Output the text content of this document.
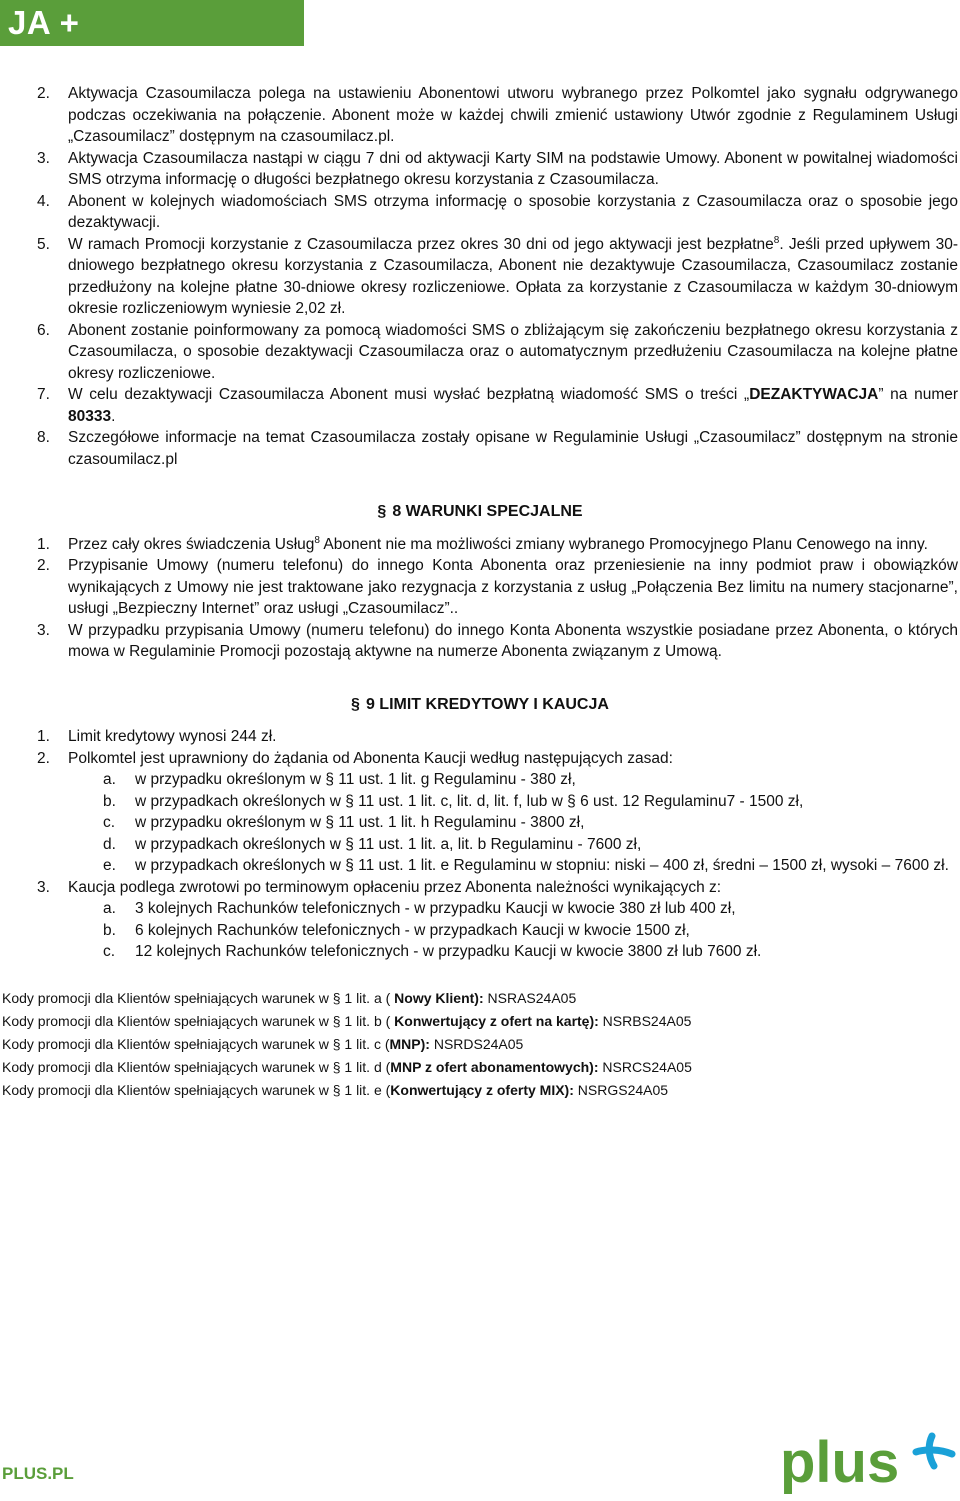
JA + ABONAMENT

2. Aktywacja Czasoumilacza polega na ustawieniu Abonentowi utworu wybranego przez Polkomtel jako sygnału odgrywanego podczas oczekiwania na połączenie. Abonent może w każdej chwili zmienić ustawiony Utwór zgodnie z Regulaminem Usługi „Czasoumilacz” dostępnym na czasoumilacz.pl.

3. Aktywacja Czasoumilacza nastąpi w ciągu 7 dni od aktywacji Karty SIM na podstawie Umowy. Abonent w powitalnej wiadomości SMS otrzyma informację o długości bezpłatnego okresu korzystania z Czasoumilacza.

4. Abonent w kolejnych wiadomościach SMS otrzyma informację o sposobie korzystania z Czasoumilacza oraz o sposobie jego dezaktywacji.

5. W ramach Promocji korzystanie z Czasoumilacza przez okres 30 dni od jego aktywacji jest bezpłatne$^8$. Jeśli przed upływem 30-dniowego bezpłatnego okresu korzystania z Czasoumilacza, Abonent nie dezaktywuje Czasoumilacza, Czasoumilacz zostanie przedłużony na kolejne płatne 30-dniowe okresy rozliczeniowe. Opłata za korzystanie z Czasoumilacza w każdym 30-dniowym okresie rozliczeniowym wyniesie 2,02 zł.

6. Abonent zostanie poinformowany za pomocą wiadomości SMS o zbliżającym się zakończeniu bezpłatnego okresu korzystania z Czasoumilacza, o sposobie dezaktywacji Czasoumilacza oraz o automatycznym przedłużeniu Czasoumilacza na kolejne płatne okresy rozliczeniowe.

7. W celu dezaktywacji Czasoumilacza Abonent musi wysłać bezpłatną wiadomość SMS o treści „DEZAKTYWACJA” na numer 80333.

8. Szczegółowe informacje na temat Czasoumilacza zostały opisane w Regulaminie Usługi „Czasoumilacz” dostępnym na stronie czasoumilacz.pl

§ 8 WARUNKI SPECJALNE

1. Przez cały okres świadczenia Usług$^8$ Abonent nie ma możliwości zmiany wybranego Promocyjnego Planu Cenowego na inny.

2. Przypisanie Umowy (numeru telefonu) do innego Konta Abonenta oraz przeniesienie na inny podmiot praw i obowiązków wynikających z Umowy nie jest traktowane jako rezygnacja z korzystania z usług „Połączenia Bez limitu na numery stacjonarne”, usługi „Bezpieczny Internet” oraz usługi „Czasoumilacz”..

3. W przypadku przypisania Umowy (numeru telefonu) do innego Konta Abonenta wszystkie posiadane przez Abonenta, o których mowa w Regulaminie Promocji pozostają aktywne na numerze Abonenta związanym z Umową.

§ 9 LIMIT KREDYTOWY I KAUCJA

1. Limit kredytowy wynosi 244 zł.

2. Polkomtel jest uprawniony do żądania od Abonenta Kaucji według następujących zasad:

a. w przypadku określonym w § 11 ust. 1 lit. g Regulaminu - 380 zł,

b. w przypadkach określonych w § 11 ust. 1 lit. c, lit. d, lit. f, lub w § 6 ust. 12 Regulaminu7 - 1500 zł,

c. w przypadku określonym w § 11 ust. 1 lit. h Regulaminu - 3800 zł,

d. w przypadkach określonych w § 11 ust. 1 lit. a, lit. b Regulaminu - 7600 zł,

e. w przypadkach określonych w § 11 ust. 1 lit. e Regulaminu w stopniu: niski – 400 zł, średni – 1500 zł, wysoki – 7600 zł.

3. Kaucja podlega zwrotowi po terminowym opłaceniu przez Abonenta należności wynikających z:

a. 3 kolejnych Rachunków telefonicznych - w przypadku Kaucji w kwocie 380 zł lub 400 zł,

b. 6 kolejnych Rachunków telefonicznych - w przypadkach Kaucji w kwocie 1500 zł,

c. 12 kolejnych Rachunków telefonicznych - w przypadku Kaucji w kwocie 3800 zł lub 7600 zł.

Kody promocji dla Klientów spełniających warunek w § 1 lit. a ( Nowy Klient): NSRAS24A05

Kody promocji dla Klientów spełniających warunek w § 1 lit. b ( Konwertujący z ofert na kartę): NSRBS24A05

Kody promocji dla Klientów spełniających warunek w § 1 lit. c (MNP): NSRDS24A05

Kody promocji dla Klientów spełniających warunek w § 1 lit. d (MNP z ofert abonamentowych): NSRCS24A05

Kody promocji dla Klientów spełniających warunek w § 1 lit. e (Konwertujący z oferty MIX): NSRGS24A05

PLUS.PL	plus
